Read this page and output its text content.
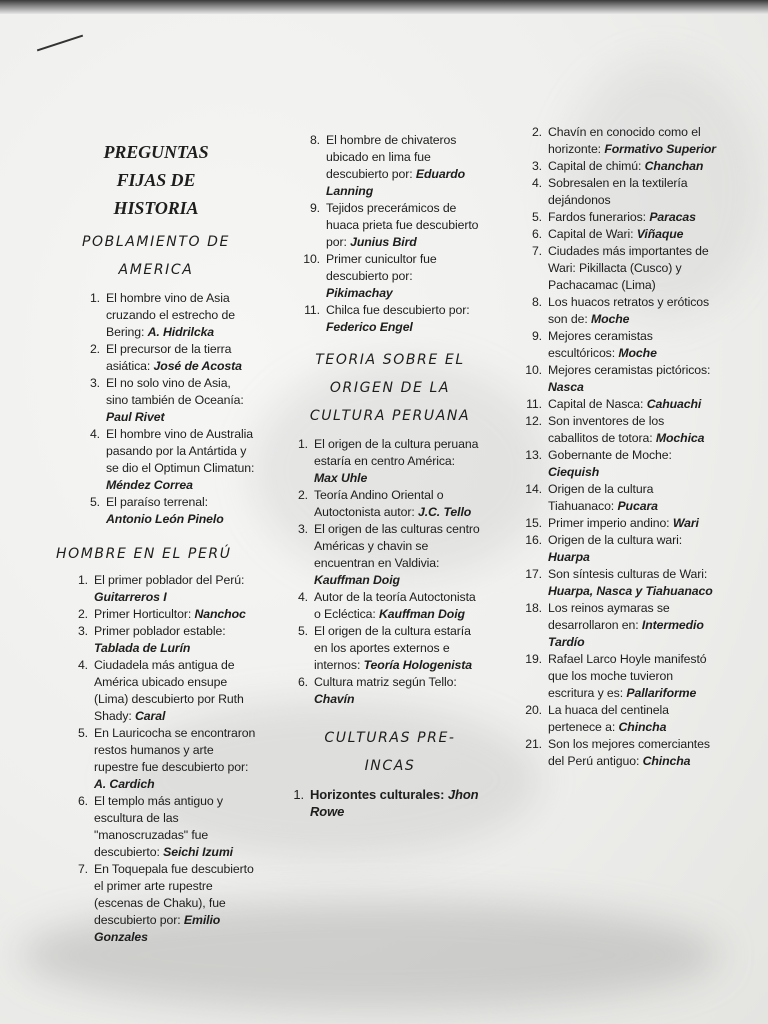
PREGUNTAS

FIJAS DE

HISTORIA

POBLAMIENTO DE

AMERICA

1. El hombre vino de Asia cruzando el estrecho de Bering: A. Hidrilcka
2. El precursor de la tierra asiática: José de Acosta
3. El no solo vino de Asia, sino también de Oceanía: Paul Rivet
4. El hombre vino de Australia pasando por la Antártida y se dio el Optimun Climatun: Méndez Correa
5. El paraíso terrenal: Antonio León Pinelo

HOMBRE EN EL PERÚ

1. El primer poblador del Perú: Guitarreros I
2. Primer Horticultor: Nanchoc
3. Primer poblador estable: Tablada de Lurín
4. Ciudadela más antigua de América ubicado ensupe (Lima) descubierto por Ruth Shady: Caral
5. En Lauricocha se encontraron restos humanos y arte rupestre fue descubierto por: A. Cardich
6. El templo más antiguo y escultura de las "manoscruzadas" fue descubierto: Seichi Izumi
7. En Toquepala fue descubierto el primer arte rupestre (escenas de Chaku), fue descubierto por: Emilio Gonzales
8. El hombre de chivateros ubicado en lima fue descubierto por: Eduardo Lanning
9. Tejidos precerámicos de huaca prieta fue descubierto por: Junius Bird
10. Primer cunicultor fue descubierto por: Pikimachay
11. Chilca fue descubierto por: Federico Engel

TEORIA SOBRE EL

ORIGEN DE LA

CULTURA PERUANA

1. El origen de la cultura peruana estaría en centro América: Max Uhle
2. Teoría Andino Oriental o Autoctonista autor: J.C. Tello
3. El origen de las culturas centro Américas y chavin se encuentran en Valdivia: Kauffman Doig
4. Autor de la teoría Autoctonista o Ecléctica: Kauffman Doig
5. El origen de la cultura estaría en los aportes externos e internos: Teoría Hologenista
6. Cultura matriz según Tello: Chavín

CULTURAS PRE-INCAS

1. Horizontes culturales: Jhon Rowe
2. Chavín en conocido como el horizonte: Formativo Superior
3. Capital de chimú: Chanchan
4. Sobresalen en la textilería dejándonos
5. Fardos funerarios: Paracas
6. Capital de Wari: Viñaque
7. Ciudades más importantes de Wari: Pikillacta (Cusco) y Pachacamac (Lima)
8. Los huacos retratos y eróticos son de: Moche
9. Mejores ceramistas escultóricos: Moche
10. Mejores ceramistas pictóricos: Nasca
11. Capital de Nasca: Cahuachi
12. Son inventores de los caballitos de totora: Mochica
13. Gobernante de Moche: Ciequish
14. Origen de la cultura Tiahuanaco: Pucara
15. Primer imperio andino: Wari
16. Origen de la cultura wari: Huarpa
17. Son síntesis culturas de Wari: Huarpa, Nasca y Tiahuanaco
18. Los reinos aymaras se desarrollaron en: Intermedio Tardío
19. Rafael Larco Hoyle manifestó que los moche tuvieron escritura y es: Pallariforme
20. La huaca del centinela pertenece a: Chincha
21. Son los mejores comerciantes del Perú antiguo: Chincha
